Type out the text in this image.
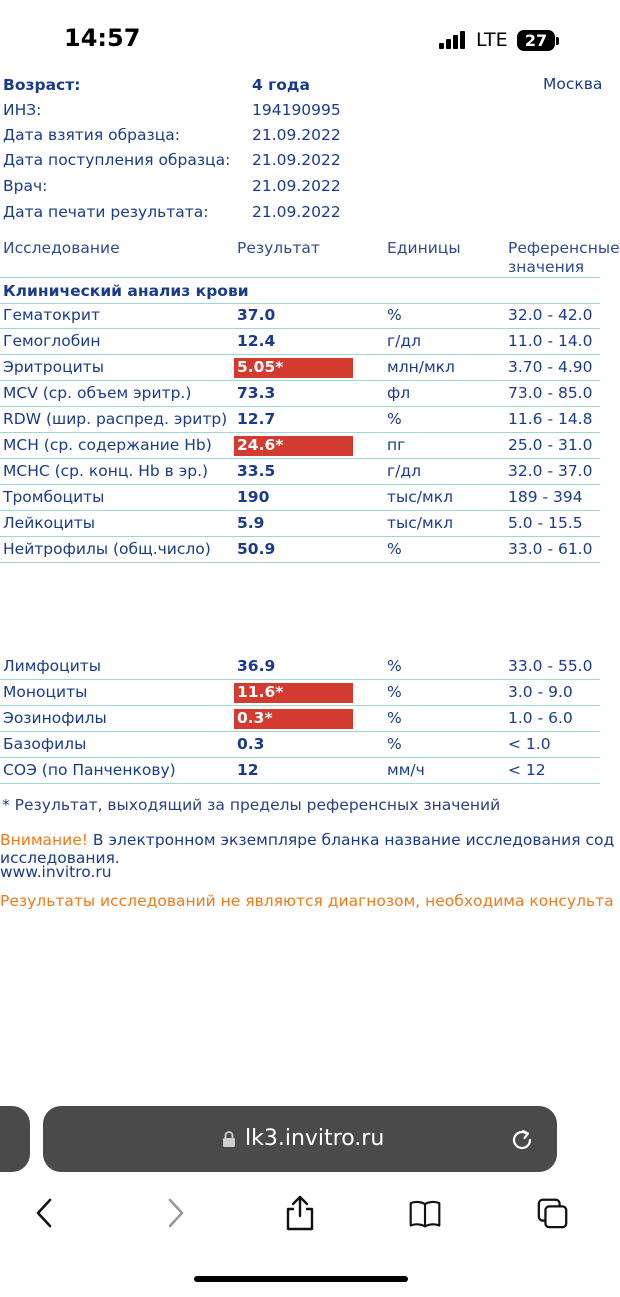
14:57	LTE	27
Возраст:	4 года	Москва
ИНЗ:	194190995
Дата взятия образца:	21.09.2022
Дата поступления образца: 21.09.2022
Врач:	21.09.2022
Дата печати результата:	21.09.2022
Исследование	Результат	Единицы	Референсные
значения
Клинический анализ крови
Гематокрит	37.0	%	32.0 - 42.0
Гемоглобин	12.4	г/дл	11.0 - 14.0
Эритроциты	5.05*	млн/мкл	3.70 - 4.90
MCV (ср. объем эритр.)	73.3	фл	73.0 - 85.0
RDW (шир. распред. эритр) 12.7	%	11.6 - 14.8
MCH (ср. содержание Hb) 24.6*	пг	25.0 - 31.0
MCHC (ср. конц. Hb в эр.) 33.5	г/дл	32.0 - 37.0
Тромбоциты	190	тыс/мкл	189 - 394
Лейкоциты	5.9	тыс/мкл	5.0 - 15.5
Нейтрофилы (общ.число) 50.9	%	33.0 - 61.0
Лимфоциты	36.9	%	33.0 - 55.0
Моноциты	11.6*	%	3.0 - 9.0
Эозинофилы	0.3*	%	1.0 - 6.0
Базофилы	0.3	%	< 1.0
СОЭ (по Панченкову)	12	мм/ч	< 12
* Результат, выходящий за пределы референсных значений
Внимание! В электронном экземпляре бланка название исследования сод
исследования.
www.invitro.ru
Результаты исследований не являются диагнозом, необходима консульта
lk3.invitro.ru
